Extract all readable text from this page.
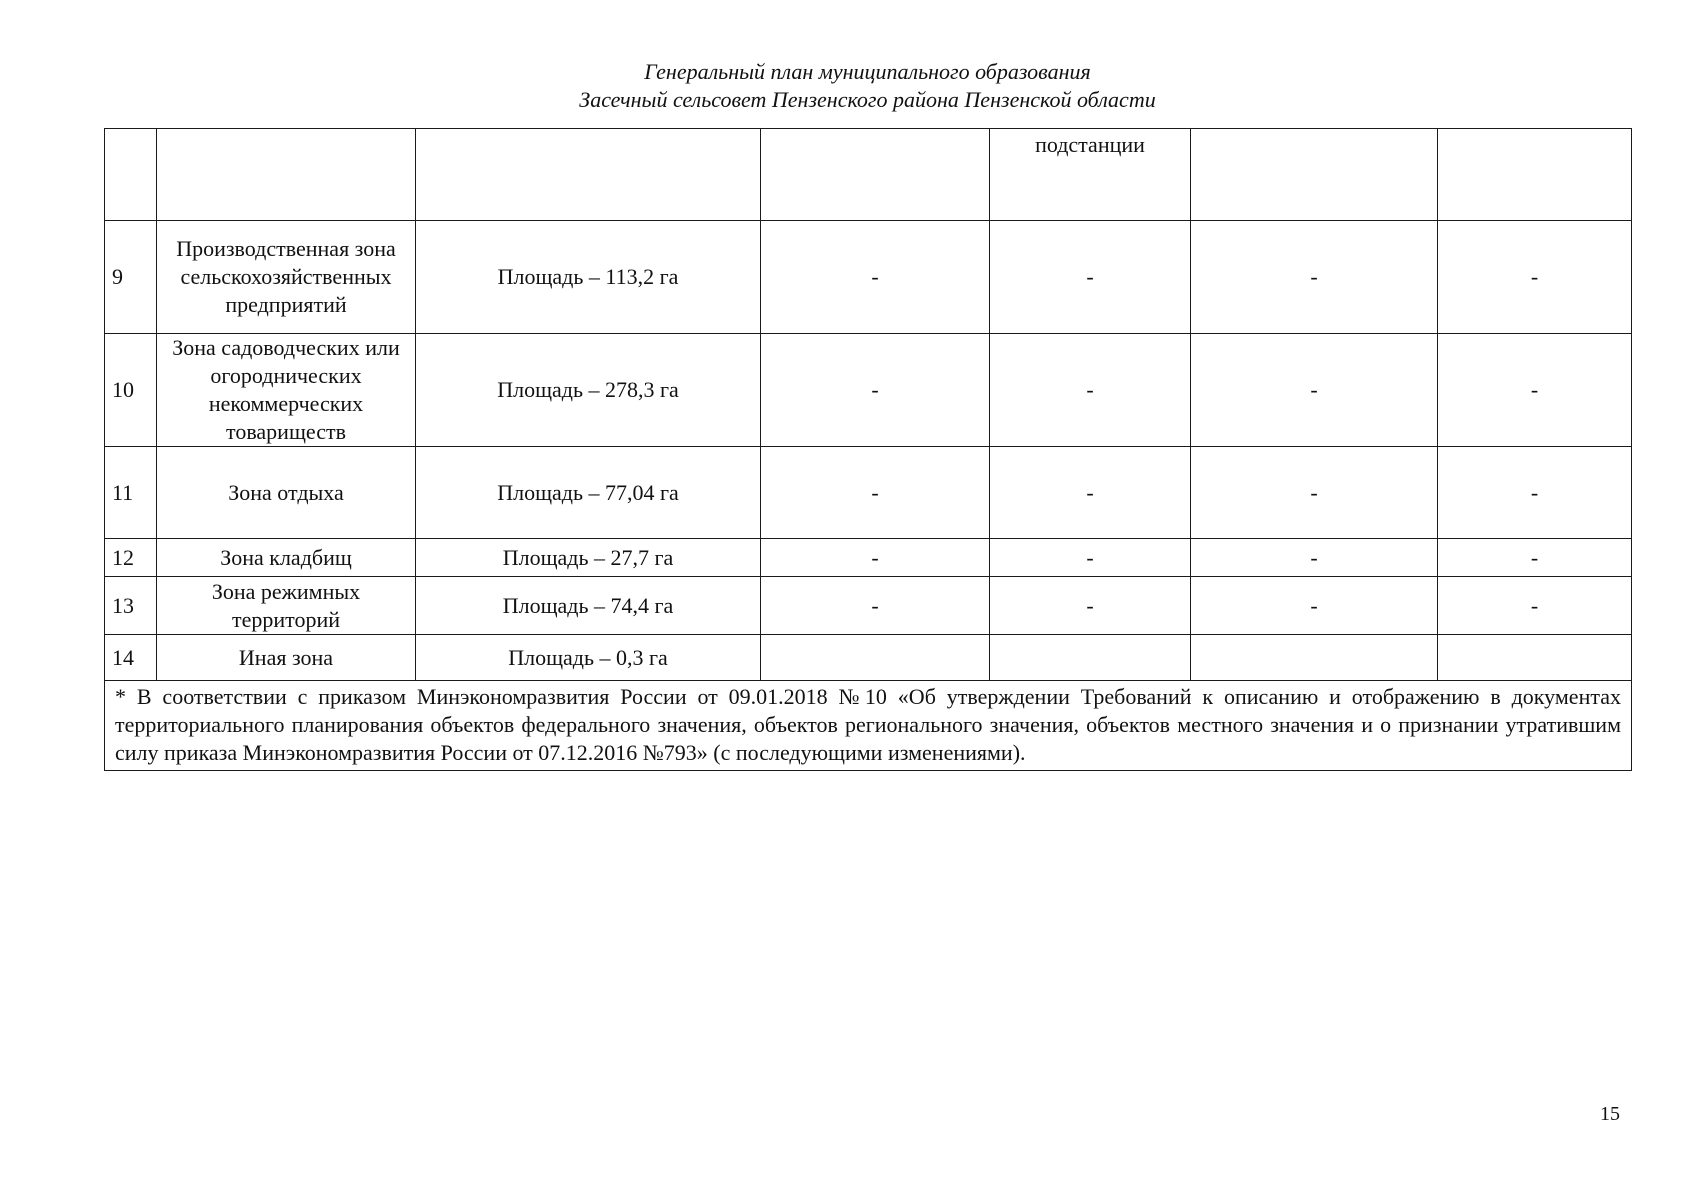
Генеральный план муниципального образования
Засечный сельсовет Пензенского района Пензенской области
				подстанции		
9	Производственная зона сельскохозяйственных предприятий	Площадь – 113,2 га	-	-	-	-
10	Зона садоводческих или огороднических некоммерческих товариществ	Площадь – 278,3 га	-	-	-	-
11	Зона отдыха	Площадь – 77,04 га	-	-	-	-
12	Зона кладбищ	Площадь – 27,7 га	-	-	-	-
13	Зона режимных территорий	Площадь – 74,4 га	-	-	-	-
14	Иная зона	Площадь – 0,3 га				
* В соответствии с приказом Минэкономразвития России от 09.01.2018 №10 «Об утверждении Требований к описанию и отображению в документах территориального планирования объектов федерального значения, объектов регионального значения, объектов местного значения и о признании утратившим силу приказа Минэкономразвития России от 07.12.2016 №793» (с последующими изменениями).						
15
